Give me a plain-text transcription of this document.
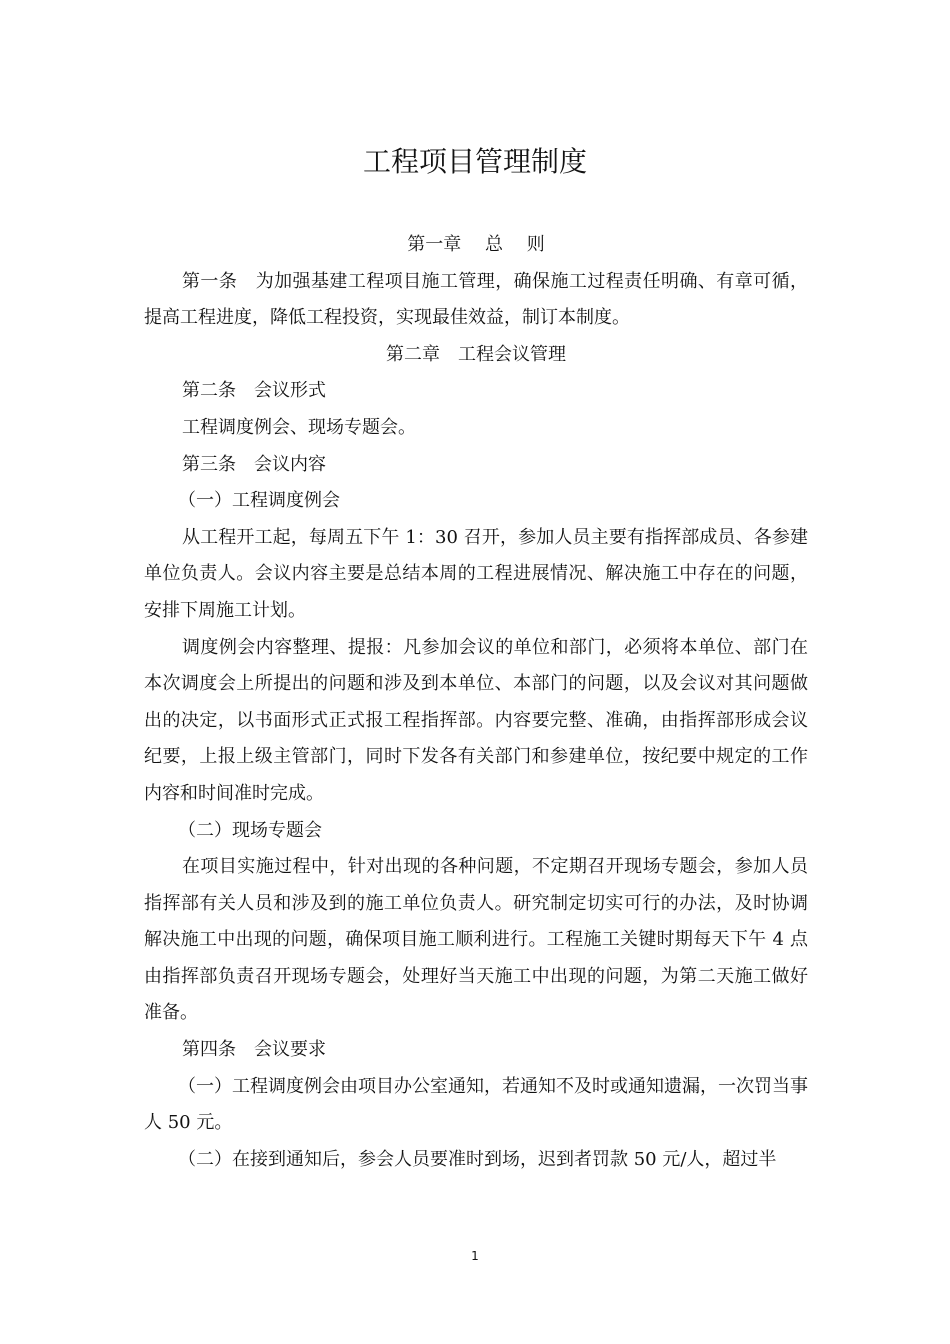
工程项目管理制度

第一章　 总　 则

第一条　为加强基建工程项目施工管理，确保施工过程责任明确、有章可循，提高工程进度，降低工程投资，实现最佳效益，制订本制度。

第二章　工程会议管理

第二条　会议形式

工程调度例会、现场专题会。

第三条　会议内容

（一）工程调度例会

从工程开工起，每周五下午 1：30 召开，参加人员主要有指挥部成员、各参建单位负责人。会议内容主要是总结本周的工程进展情况、解决施工中存在的问题，安排下周施工计划。

调度例会内容整理、提报：凡参加会议的单位和部门，必须将本单位、部门在本次调度会上所提出的问题和涉及到本单位、本部门的问题，以及会议对其问题做出的决定，以书面形式正式报工程指挥部。内容要完整、准确，由指挥部形成会议纪要，上报上级主管部门，同时下发各有关部门和参建单位，按纪要中规定的工作内容和时间准时完成。

（二）现场专题会

在项目实施过程中，针对出现的各种问题，不定期召开现场专题会，参加人员指挥部有关人员和涉及到的施工单位负责人。研究制定切实可行的办法，及时协调解决施工中出现的问题，确保项目施工顺利进行。工程施工关键时期每天下午 4 点由指挥部负责召开现场专题会，处理好当天施工中出现的问题，为第二天施工做好准备。

第四条　会议要求

（一）工程调度例会由项目办公室通知，若通知不及时或通知遗漏，一次罚当事人 50 元。

（二）在接到通知后，参会人员要准时到场，迟到者罚款 50 元/人，超过半

1
